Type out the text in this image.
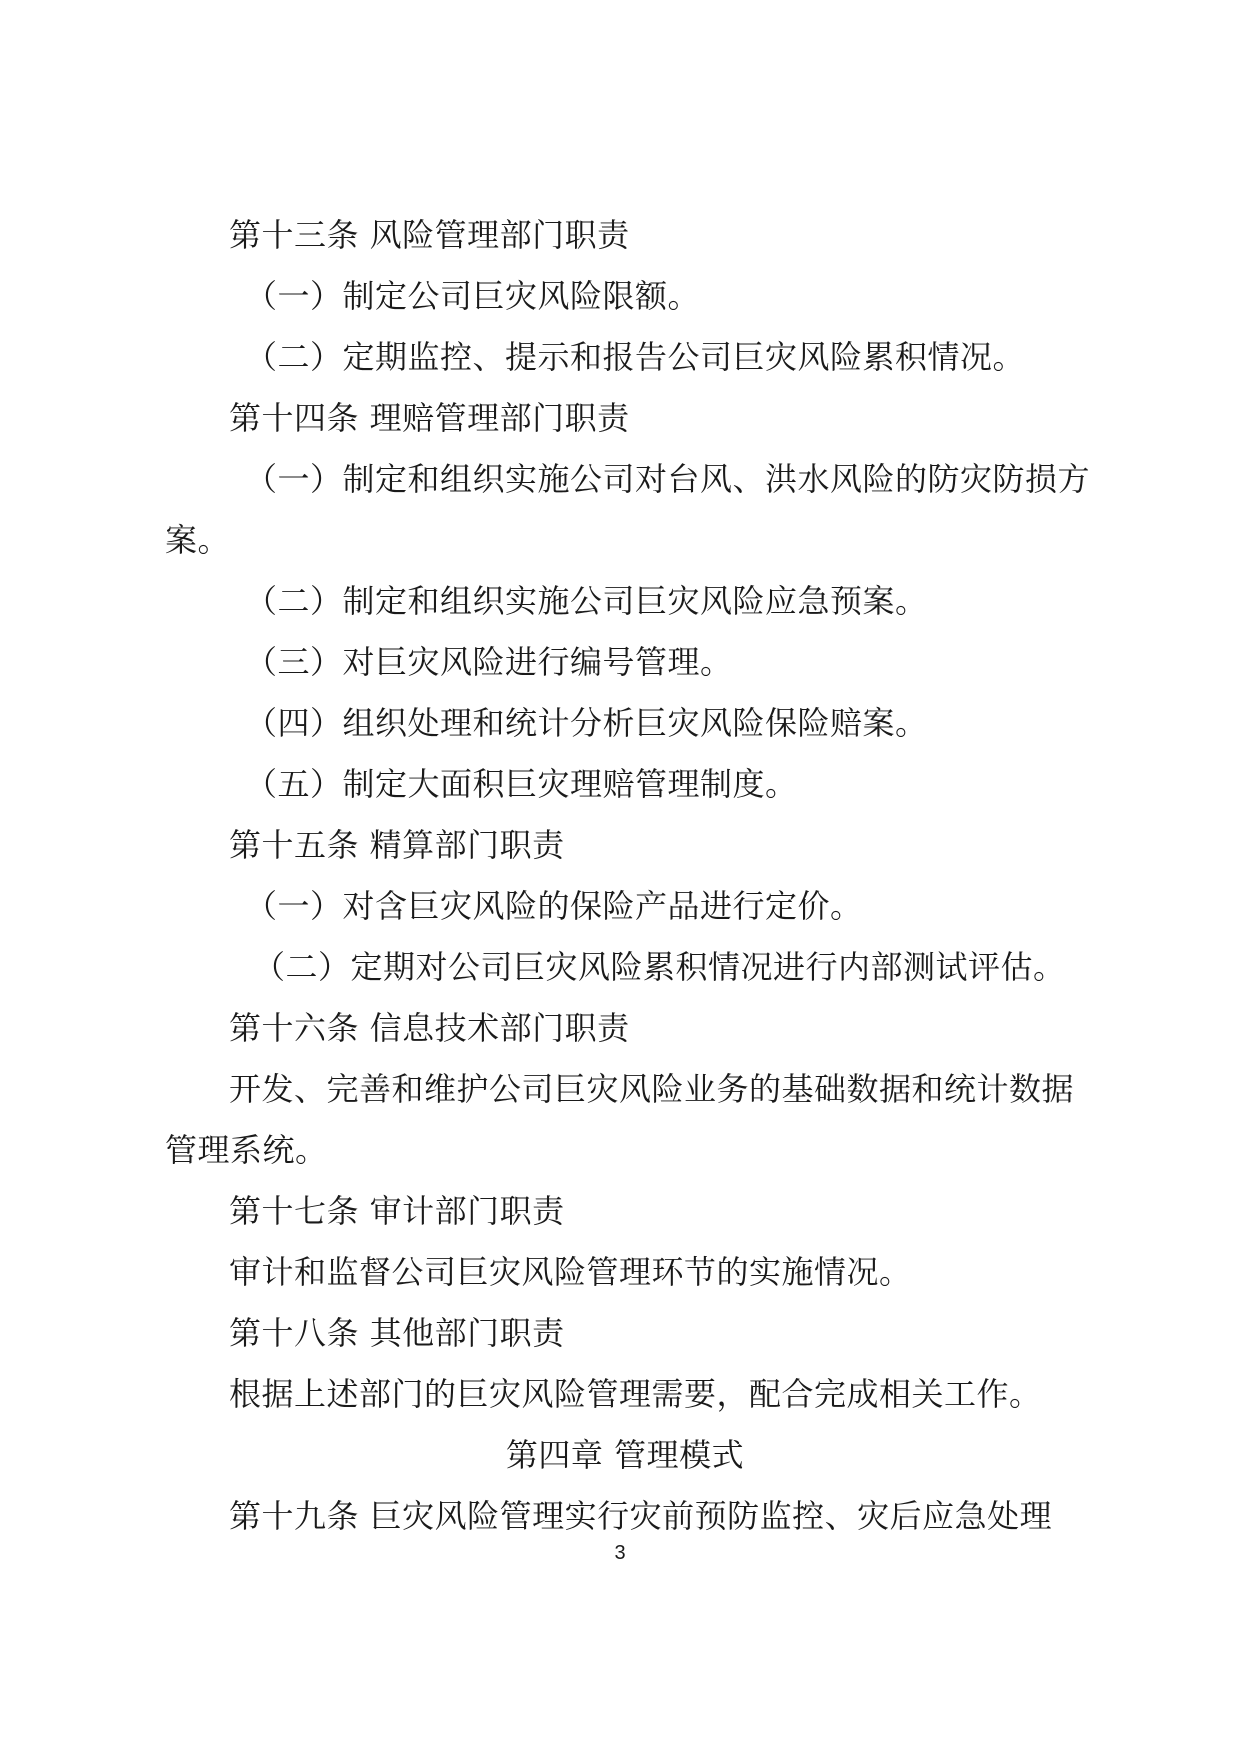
第十三条 风险管理部门职责
（一）制定公司巨灾风险限额。
（二）定期监控、提示和报告公司巨灾风险累积情况。
第十四条 理赔管理部门职责
（一）制定和组织实施公司对台风、洪水风险的防灾防损方
案。
（二）制定和组织实施公司巨灾风险应急预案。
（三）对巨灾风险进行编号管理。
（四）组织处理和统计分析巨灾风险保险赔案。
（五）制定大面积巨灾理赔管理制度。
第十五条 精算部门职责
（一）对含巨灾风险的保险产品进行定价。
（二）定期对公司巨灾风险累积情况进行内部测试评估。
第十六条 信息技术部门职责
开发、完善和维护公司巨灾风险业务的基础数据和统计数据
管理系统。
第十七条 审计部门职责
审计和监督公司巨灾风险管理环节的实施情况。
第十八条 其他部门职责
根据上述部门的巨灾风险管理需要，配合完成相关工作。
第四章 管理模式
第十九条 巨灾风险管理实行灾前预防监控、灾后应急处理
3
